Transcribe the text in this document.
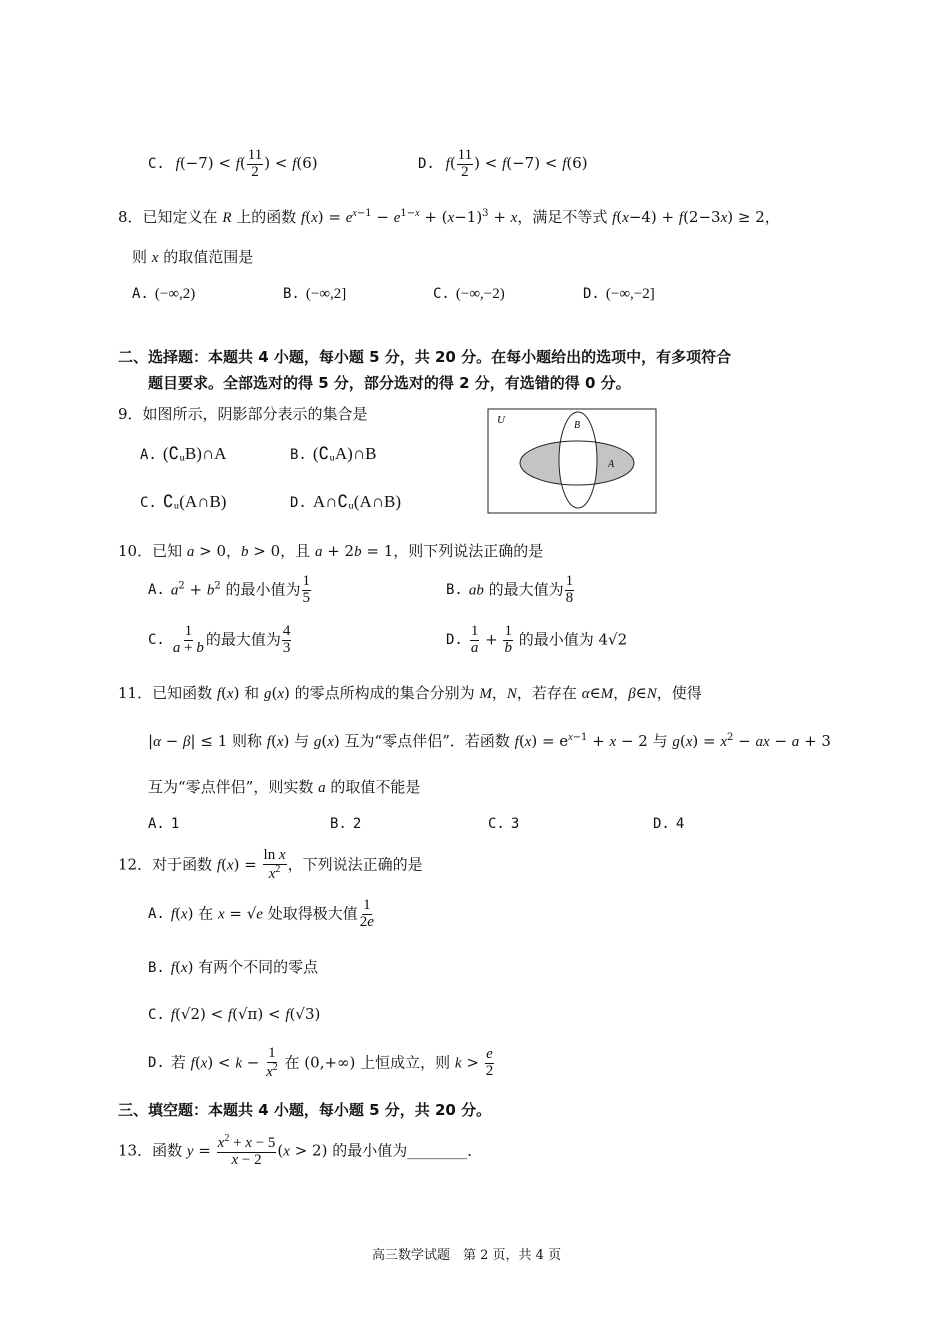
C. $f(-7) < f( \frac{11}{2}$ ) < f(6)	D. $f( \frac{11}{2}$ ) < f(−7) < f(6)
8．已知定义在 R 上的函数 $f(x) = e^{x-1} - e^{1-x} + (x-1)^3 + x$，满足不等式 f(x−4) + f(2−3x) ≥ 2，
则 x 的取值范围是
A. (−∞,2)	B. (−∞,2]	C. (−∞,−2)	D. (−∞,−2]
二、选择题：本题共 4 小题，每小题 5 分，共 20 分。在每小题给出的选项中，有多项符合
题目要求。全部选对的得 5 分，部分选对的得 2 分，有选错的得 0 分。
9．如图所示，阴影部分表示的集合是
A. (∁ᵤB)∩A	B. (∁ᵤA)∩B
C. ∁ᵤ(A∩B)	D. A∩∁ᵤ(A∩B)
U	B
A
10．已知 a > 0，b > 0，且 a + 2b = 1，则下列说法正确的是
A. $a^2 + b^2$ 的最小值为 $\frac{1}{5}$	B. ab 的最大值为 $\frac{1}{8}$
C. $\frac{1}{a + b}$ 的最大值为 $\frac{4}{3}$	D. $\frac{1}{a} + \frac{1}{b}$ 的最小值为 4√2
11．已知函数 f(x) 和 g(x) 的零点所构成的集合分别为 M，N，若存在 α∈M，β∈N，使得
|α − β| ≤ 1 则称 f(x) 与 g(x) 互为“零点伴侣”．若函数 $f(x) = e^{x-1} + x - 2$ 与 $g(x) = x^2$ − ax − a + 3
互为“零点伴侣”，则实数 a 的取值不能是
A. 1	B. 2	C. 3	D. 4
12．对于函数 $f(x) = \frac{\text{ln x}}{x^2}$ ，下列说法正确的是
A. f(x) 在 x = √e 处取得极大值 $\frac{1}{2e}$
B. f(x) 有两个不同的零点
C. f(√2) < f(√π) < f(√3)
D. 若 $f(x) < k - \frac{1}{x^2}$ 在 (0,+∞) 上恒成立，则 $k > \frac{e}{2}$
三、填空题：本题共 4 小题，每小题 5 分，共 20 分。
13．函数 $y = \frac{x^2 + x - 5}{x - 2} (x > 2)$ 的最小值为________．
高三数学试题　第 2 页，共 4 页
